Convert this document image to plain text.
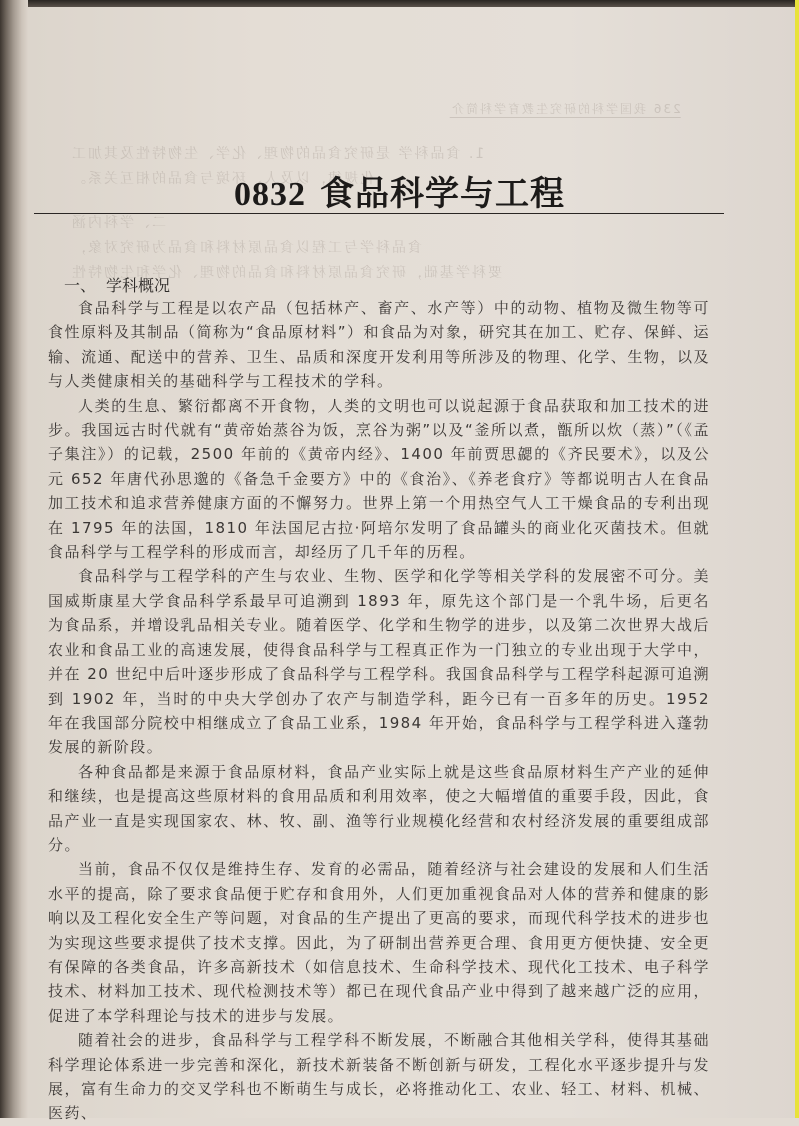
236 我国学科的研究生教育学科简介
1. 食品科学 是研究食品的物理、化学、生物特性及其加工
化规律，以及人、环境与食品的相互关系。
二、学科内涵
食品科学与工程以食品原材料和食品为研究对象，
要科学基础，研究食品原材料和食品的物理、化学和生物特性
0832 食品科学与工程
一、 学科概况

食品科学与工程是以农产品（包括林产、畜产、水产等）中的动物、植物及微生物等可食性原料及其制品（简称为“食品原材料”）和食品为对象，研究其在加工、贮存、保鲜、运输、流通、配送中的营养、卫生、品质和深度开发利用等所涉及的物理、化学、生物，以及与人类健康相关的基础科学与工程技术的学科。

人类的生息、繁衍都离不开食物，人类的文明也可以说起源于食品获取和加工技术的进步。我国远古时代就有“黄帝始蒸谷为饭，烹谷为粥”以及“釜所以煮，甑所以炊（蒸）”（《孟子集注》）的记载，2500 年前的《黄帝内经》、1400 年前贾思勰的《齐民要术》，以及公元 652 年唐代孙思邈的《备急千金要方》中的《食治》、《养老食疗》等都说明古人在食品加工技术和追求营养健康方面的不懈努力。世界上第一个用热空气人工干燥食品的专利出现在 1795 年的法国，1810 年法国尼古拉·阿培尔发明了食品罐头的商业化灭菌技术。但就食品科学与工程学科的形成而言，却经历了几千年的历程。

食品科学与工程学科的产生与农业、生物、医学和化学等相关学科的发展密不可分。美国威斯康星大学食品科学系最早可追溯到 1893 年，原先这个部门是一个乳牛场，后更名为食品系，并增设乳品相关专业。随着医学、化学和生物学的进步，以及第二次世界大战后农业和食品工业的高速发展，使得食品科学与工程真正作为一门独立的专业出现于大学中，并在 20 世纪中后叶逐步形成了食品科学与工程学科。我国食品科学与工程学科起源可追溯到 1902 年，当时的中央大学创办了农产与制造学科，距今已有一百多年的历史。1952 年在我国部分院校中相继成立了食品工业系，1984 年开始，食品科学与工程学科进入蓬勃发展的新阶段。

各种食品都是来源于食品原材料，食品产业实际上就是这些食品原材料生产产业的延伸和继续，也是提高这些原材料的食用品质和利用效率，使之大幅增值的重要手段，因此，食品产业一直是实现国家农、林、牧、副、渔等行业规模化经营和农村经济发展的重要组成部分。

当前，食品不仅仅是维持生存、发育的必需品，随着经济与社会建设的发展和人们生活水平的提高，除了要求食品便于贮存和食用外，人们更加重视食品对人体的营养和健康的影响以及工程化安全生产等问题，对食品的生产提出了更高的要求，而现代科学技术的进步也为实现这些要求提供了技术支撑。因此，为了研制出营养更合理、食用更方便快捷、安全更有保障的各类食品，许多高新技术（如信息技术、生命科学技术、现代化工技术、电子科学技术、材料加工技术、现代检测技术等）都已在现代食品产业中得到了越来越广泛的应用，促进了本学科理论与技术的进步与发展。

随着社会的进步，食品科学与工程学科不断发展，不断融合其他相关学科，使得其基础科学理论体系进一步完善和深化，新技术新装备不断创新与研发，工程化水平逐步提升与发展，富有生命力的交叉学科也不断萌生与成长，必将推动化工、农业、轻工、材料、机械、医药、
